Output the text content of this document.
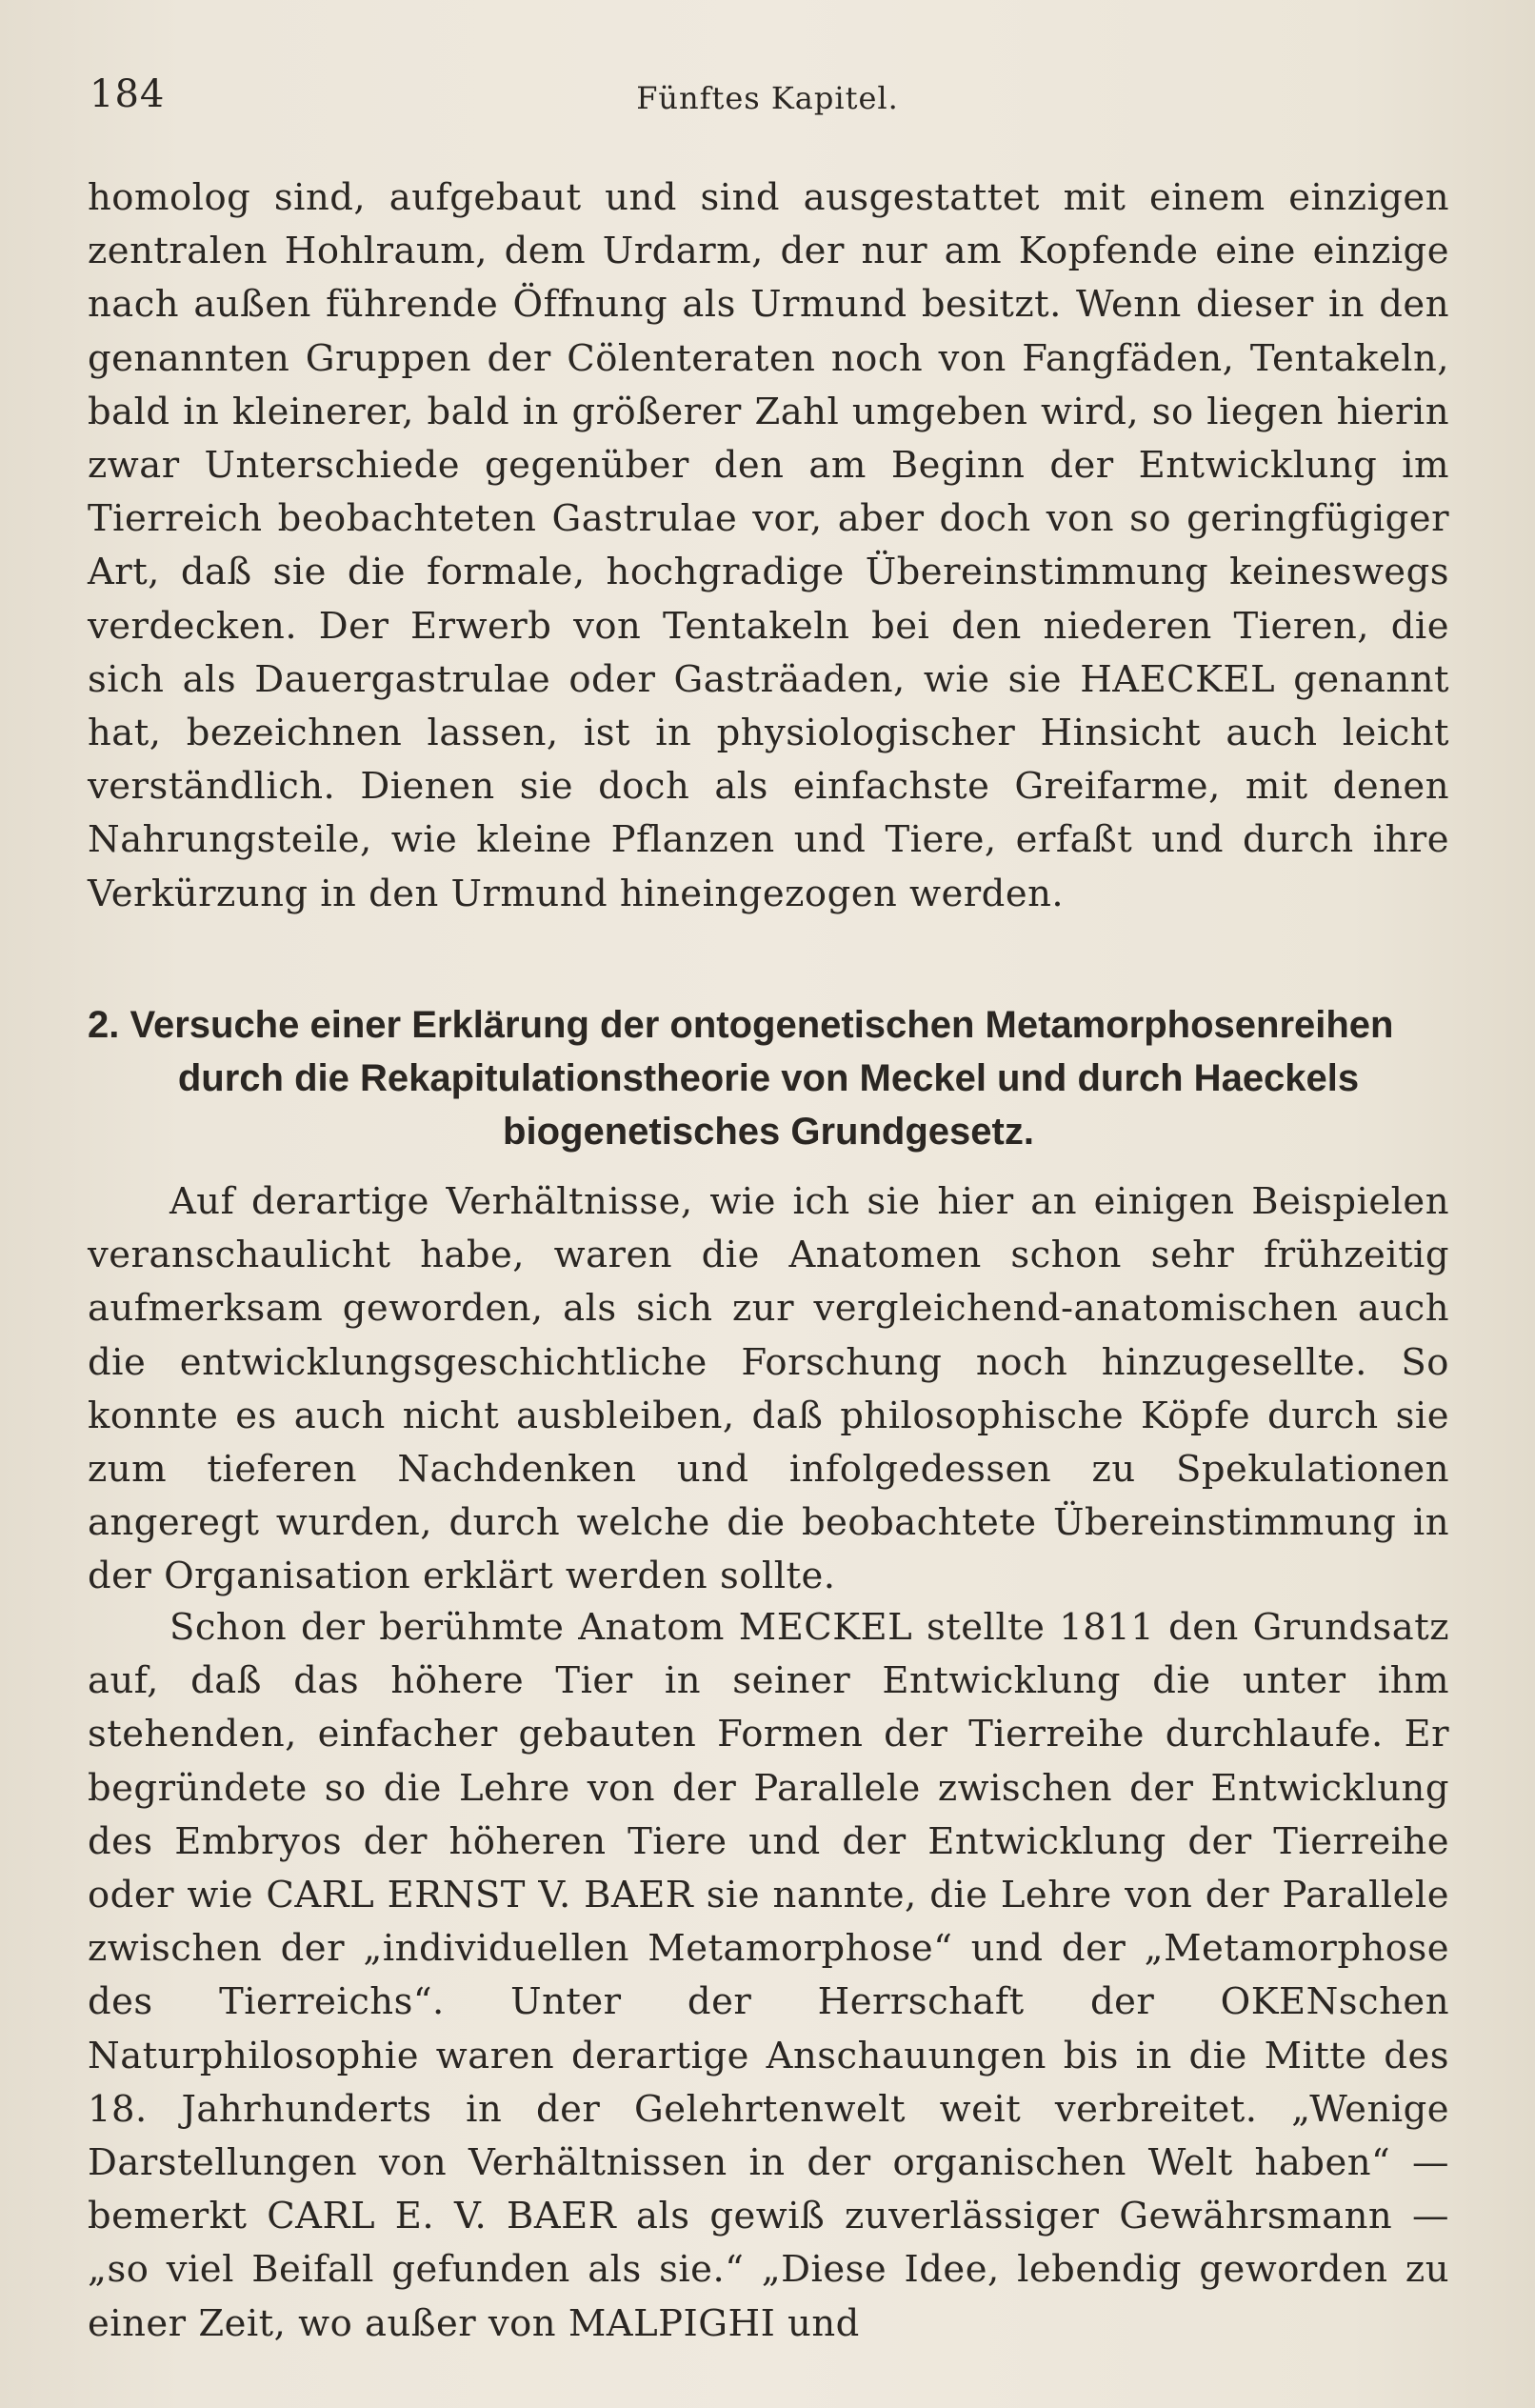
184	Fünftes Kapitel.

homolog sind, aufgebaut und sind ausgestattet mit einem einzigen zentralen Hohlraum, dem Urdarm, der nur am Kopfende eine einzige nach außen führende Öffnung als Urmund besitzt. Wenn dieser in den genannten Gruppen der Cölenteraten noch von Fangfäden, Tentakeln, bald in kleinerer, bald in größerer Zahl umgeben wird, so liegen hierin zwar Unterschiede gegenüber den am Beginn der Entwicklung im Tierreich beobachteten Gastrulae vor, aber doch von so geringfügiger Art, daß sie die formale, hochgradige Übereinstimmung keineswegs verdecken. Der Erwerb von Tentakeln bei den niederen Tieren, die sich als Dauergastrulae oder Gasträaden, wie sie HAECKEL genannt hat, bezeichnen lassen, ist in physiologischer Hinsicht auch leicht verständlich. Dienen sie doch als einfachste Greifarme, mit denen Nahrungsteile, wie kleine Pflanzen und Tiere, erfaßt und durch ihre Verkürzung in den Urmund hineingezogen werden.

2. Versuche einer Erklärung der ontogenetischen Metamorphosenreihen
durch die Rekapitulationstheorie von Meckel und durch Haeckels
biogenetisches Grundgesetz.

Auf derartige Verhältnisse, wie ich sie hier an einigen Beispielen veranschaulicht habe, waren die Anatomen schon sehr frühzeitig aufmerksam geworden, als sich zur vergleichend-anatomischen auch die entwicklungsgeschichtliche Forschung noch hinzugesellte. So konnte es auch nicht ausbleiben, daß philosophische Köpfe durch sie zum tieferen Nachdenken und infolgedessen zu Spekulationen angeregt wurden, durch welche die beobachtete Übereinstimmung in der Organisation erklärt werden sollte.

Schon der berühmte Anatom MECKEL stellte 1811 den Grundsatz auf, daß das höhere Tier in seiner Entwicklung die unter ihm stehenden, einfacher gebauten Formen der Tierreihe durchlaufe. Er begründete so die Lehre von der Parallele zwischen der Entwicklung des Embryos der höheren Tiere und der Entwicklung der Tierreihe oder wie CARL ERNST V. BAER sie nannte, die Lehre von der Parallele zwischen der „individuellen Metamorphose“ und der „Metamorphose des Tierreichs“. Unter der Herrschaft der OKENschen Naturphilosophie waren derartige Anschauungen bis in die Mitte des 18. Jahrhunderts in der Gelehrtenwelt weit verbreitet. „Wenige Darstellungen von Verhältnissen in der organischen Welt haben“ — bemerkt CARL E. V. BAER als gewiß zuverlässiger Gewährsmann — „so viel Beifall gefunden als sie.“ „Diese Idee, lebendig geworden zu einer Zeit, wo außer von MALPIGHI und
